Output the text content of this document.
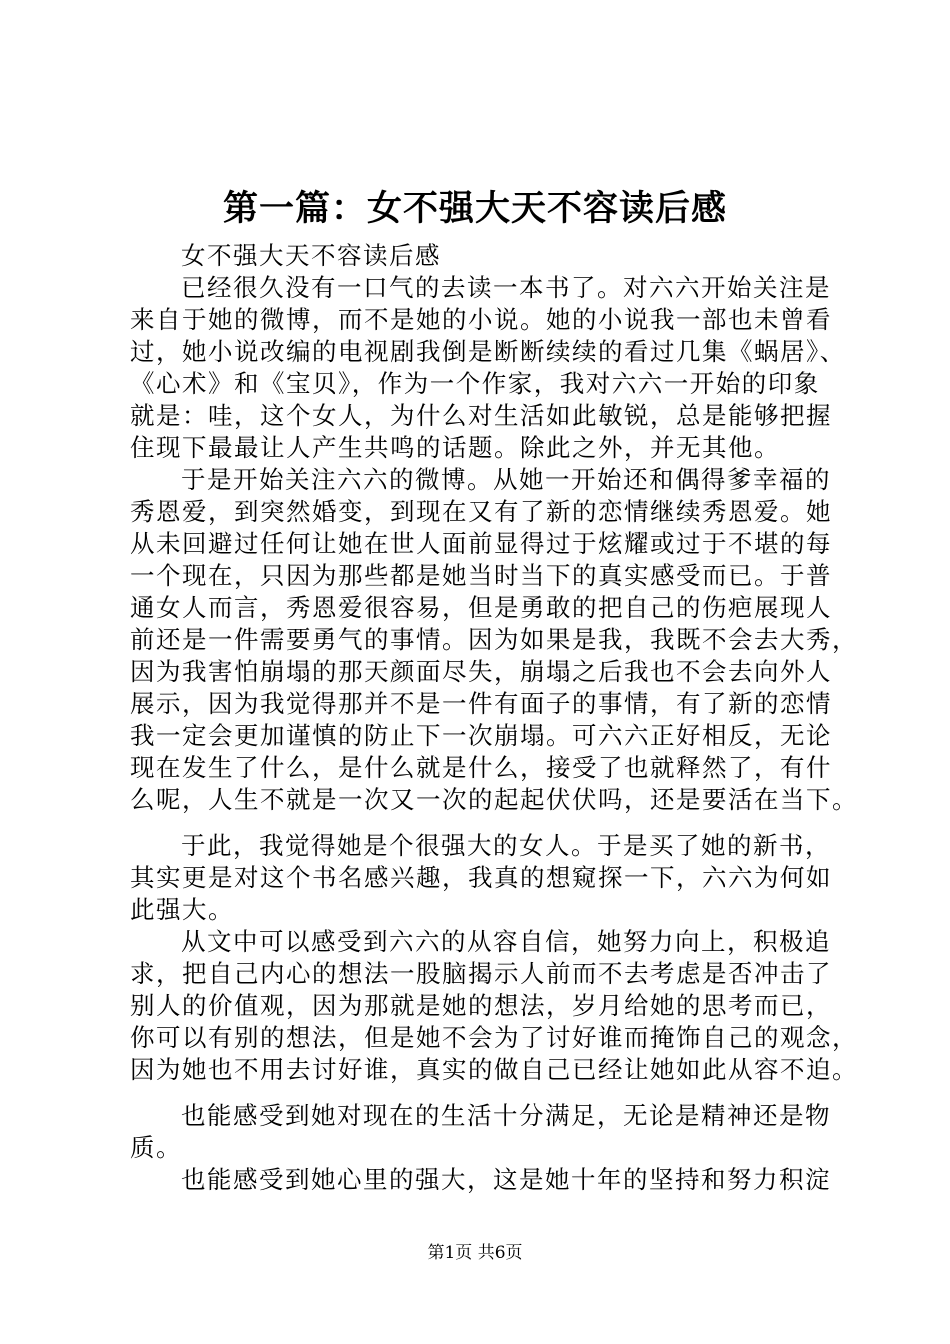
第一篇：女不强大天不容读后感
女不强大天不容读后感
已经很久没有一口气的去读一本书了。对六六开始关注是
来自于她的微博，而不是她的小说。她的小说我一部也未曾看
过，她小说改编的电视剧我倒是断断续续的看过几集《蜗居》、
《心术》和《宝贝》，作为一个作家，我对六六一开始的印象
就是：哇，这个女人，为什么对生活如此敏锐，总是能够把握
住现下最最让人产生共鸣的话题。除此之外，并无其他。
于是开始关注六六的微博。从她一开始还和偶得爹幸福的
秀恩爱，到突然婚变，到现在又有了新的恋情继续秀恩爱。她
从未回避过任何让她在世人面前显得过于炫耀或过于不堪的每
一个现在，只因为那些都是她当时当下的真实感受而已。于普
通女人而言，秀恩爱很容易，但是勇敢的把自己的伤疤展现人
前还是一件需要勇气的事情。因为如果是我，我既不会去大秀，
因为我害怕崩塌的那天颜面尽失，崩塌之后我也不会去向外人
展示，因为我觉得那并不是一件有面子的事情，有了新的恋情
我一定会更加谨慎的防止下一次崩塌。可六六正好相反，无论
现在发生了什么，是什么就是什么，接受了也就释然了，有什
么呢，人生不就是一次又一次的起起伏伏吗，还是要活在当下。
于此，我觉得她是个很强大的女人。于是买了她的新书，
其实更是对这个书名感兴趣，我真的想窥探一下，六六为何如
此强大。
从文中可以感受到六六的从容自信，她努力向上，积极追
求，把自己内心的想法一股脑揭示人前而不去考虑是否冲击了
别人的价值观，因为那就是她的想法，岁月给她的思考而已，
你可以有别的想法，但是她不会为了讨好谁而掩饰自己的观念，
因为她也不用去讨好谁，真实的做自己已经让她如此从容不迫。
也能感受到她对现在的生活十分满足，无论是精神还是物
质。
也能感受到她心里的强大，这是她十年的坚持和努力积淀
第1页 共6页
